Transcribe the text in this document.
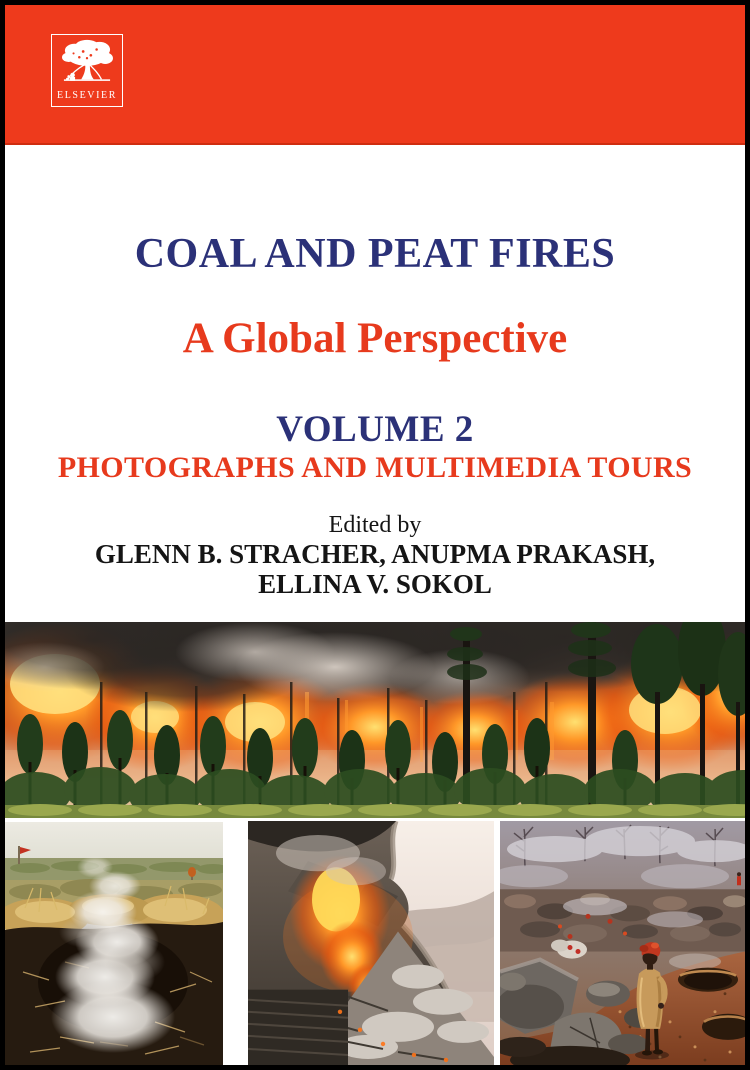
ELSEVIER
COAL AND PEAT FIRES
A Global Perspective
VOLUME 2
PHOTOGRAPHS AND MULTIMEDIA TOURS
Edited by
GLENN B. STRACHER, ANUPMA PRAKASH,
ELLINA V. SOKOL
